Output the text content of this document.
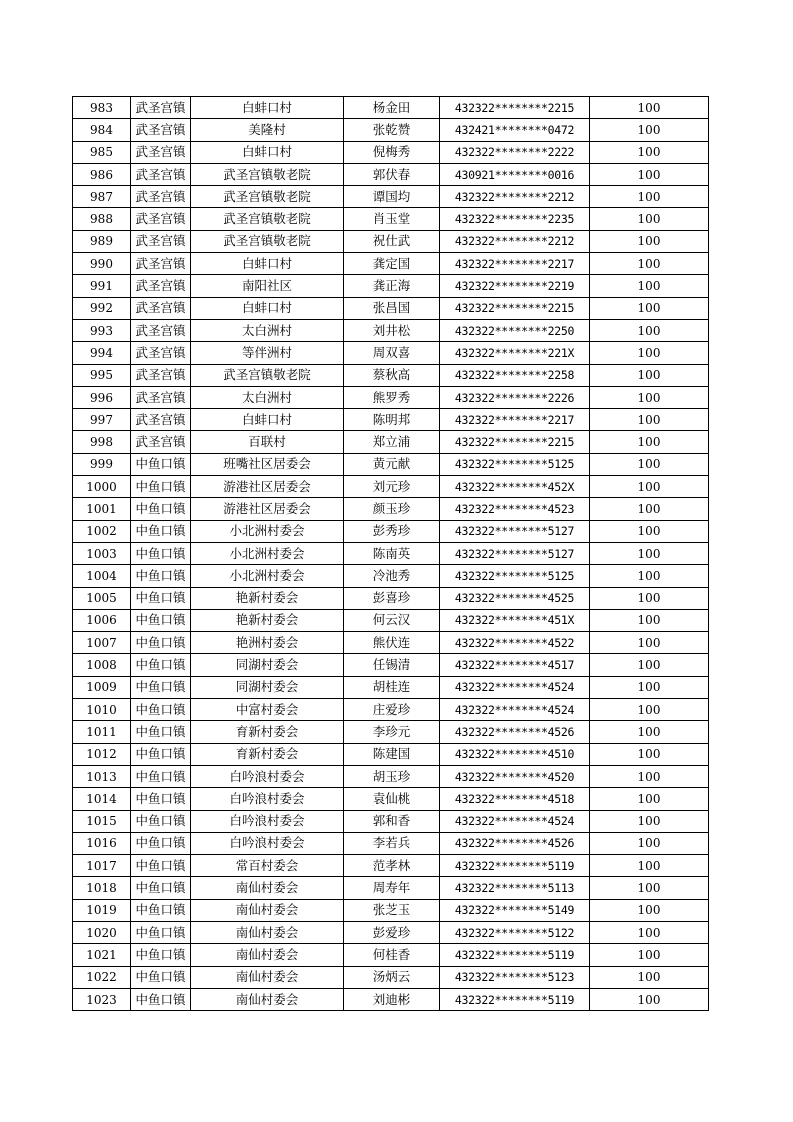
983	武圣宫镇	白蚌口村	杨金田	432322********2215	100
984	武圣宫镇	美隆村	张乾赞	432421********0472	100
985	武圣宫镇	白蚌口村	倪梅秀	432322********2222	100
986	武圣宫镇	武圣宫镇敬老院	郭伏春	430921********0016	100
987	武圣宫镇	武圣宫镇敬老院	谭国均	432322********2212	100
988	武圣宫镇	武圣宫镇敬老院	肖玉堂	432322********2235	100
989	武圣宫镇	武圣宫镇敬老院	祝仕武	432322********2212	100
990	武圣宫镇	白蚌口村	龚定国	432322********2217	100
991	武圣宫镇	南阳社区	龚正海	432322********2219	100
992	武圣宫镇	白蚌口村	张昌国	432322********2215	100
993	武圣宫镇	太白洲村	刘井松	432322********2250	100
994	武圣宫镇	等伴洲村	周双喜	432322********221X	100
995	武圣宫镇	武圣宫镇敬老院	蔡秋高	432322********2258	100
996	武圣宫镇	太白洲村	熊罗秀	432322********2226	100
997	武圣宫镇	白蚌口村	陈明邦	432322********2217	100
998	武圣宫镇	百联村	郑立浦	432322********2215	100
999	中鱼口镇	班嘴社区居委会	黄元献	432322********5125	100
1000	中鱼口镇	游港社区居委会	刘元珍	432322********452X	100
1001	中鱼口镇	游港社区居委会	颜玉珍	432322********4523	100
1002	中鱼口镇	小北洲村委会	彭秀珍	432322********5127	100
1003	中鱼口镇	小北洲村委会	陈南英	432322********5127	100
1004	中鱼口镇	小北洲村委会	冷池秀	432322********5125	100
1005	中鱼口镇	艳新村委会	彭喜珍	432322********4525	100
1006	中鱼口镇	艳新村委会	何云汉	432322********451X	100
1007	中鱼口镇	艳洲村委会	熊伏连	432322********4522	100
1008	中鱼口镇	同湖村委会	任锡清	432322********4517	100
1009	中鱼口镇	同湖村委会	胡桂连	432322********4524	100
1010	中鱼口镇	中富村委会	庄爱珍	432322********4524	100
1011	中鱼口镇	育新村委会	李珍元	432322********4526	100
1012	中鱼口镇	育新村委会	陈建国	432322********4510	100
1013	中鱼口镇	白吟浪村委会	胡玉珍	432322********4520	100
1014	中鱼口镇	白吟浪村委会	袁仙桃	432322********4518	100
1015	中鱼口镇	白吟浪村委会	郭和香	432322********4524	100
1016	中鱼口镇	白吟浪村委会	李若兵	432322********4526	100
1017	中鱼口镇	常百村委会	范孝林	432322********5119	100
1018	中鱼口镇	南仙村委会	周寿年	432322********5113	100
1019	中鱼口镇	南仙村委会	张芝玉	432322********5149	100
1020	中鱼口镇	南仙村委会	彭爱珍	432322********5122	100
1021	中鱼口镇	南仙村委会	何桂香	432322********5119	100
1022	中鱼口镇	南仙村委会	汤炳云	432322********5123	100
1023	中鱼口镇	南仙村委会	刘迪彬	432322********5119	100
